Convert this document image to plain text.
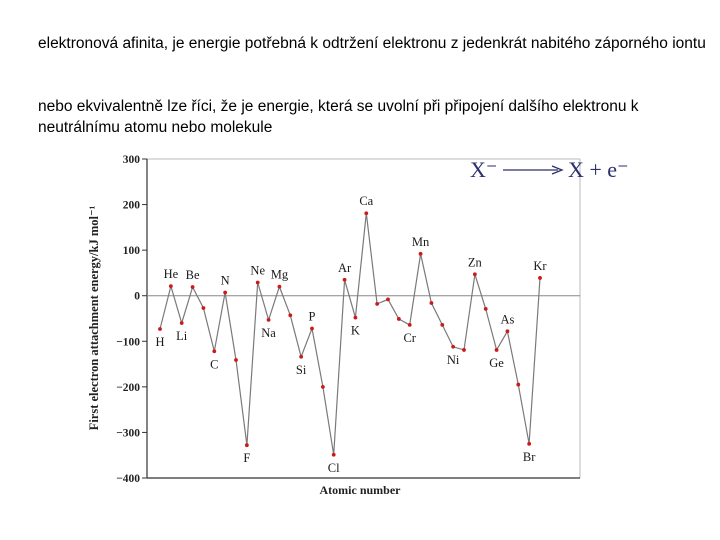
elektronová afinita, je energie potřebná k odtržení elektronu z jedenkrát nabitého záporného iontu
nebo ekvivalentně lze říci, že je energie, která se uvolní při připojení dalšího elektronu k neutrálnímu atomu nebo molekule
300
200
100
0
−100
−200
−300
−400
H
He
Li
Be
C
N
F
Ne
Na
Mg
Si
P
Cl
Ar
K
Ca
Mn
Cr
Ni
Zn
Ge
As
Br
Kr
Atomic number
First electron attachment energy/kJ mol⁻¹
X⁻	X + e⁻
